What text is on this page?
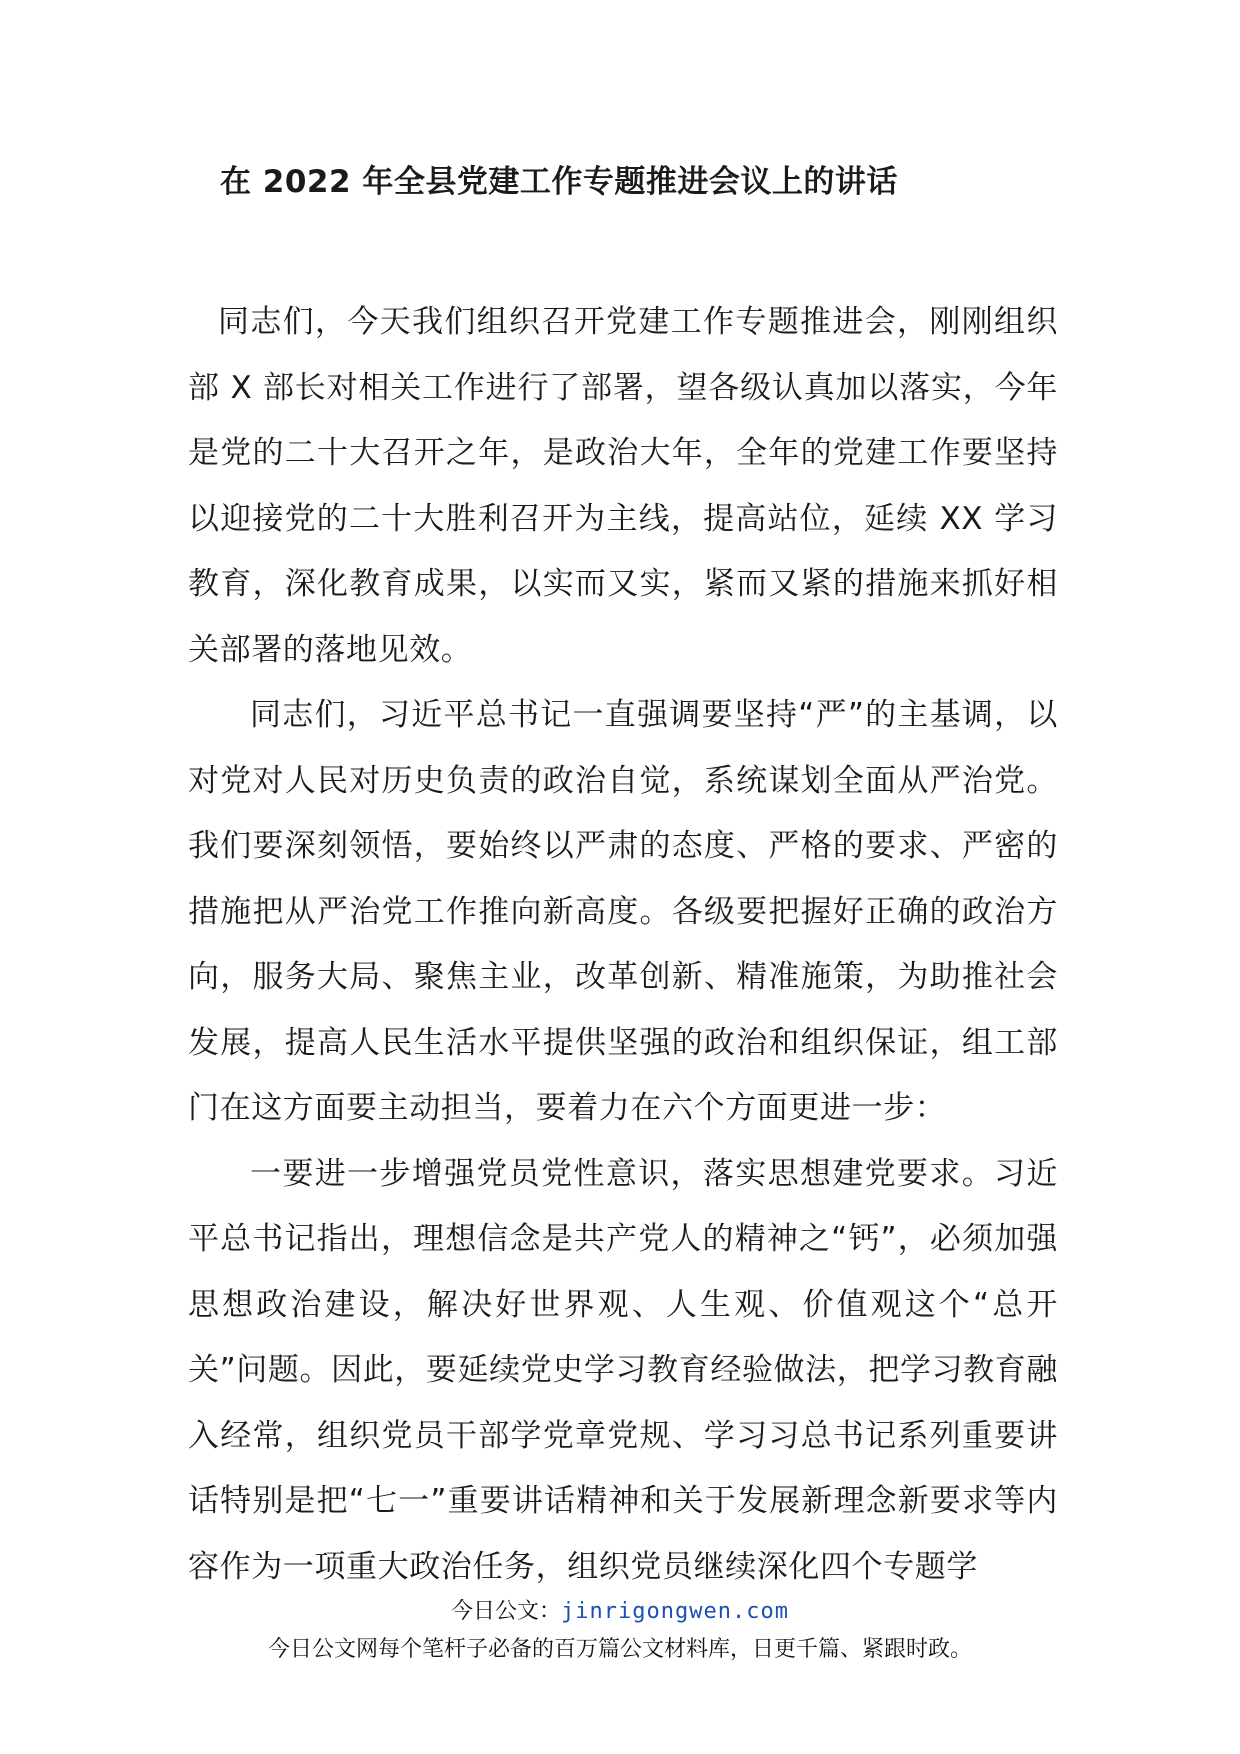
在 2022 年全县党建工作专题推进会议上的讲话

同志们，今天我们组织召开党建工作专题推进会，刚刚组织部 X 部长对相关工作进行了部署，望各级认真加以落实，今年是党的二十大召开之年，是政治大年，全年的党建工作要坚持以迎接党的二十大胜利召开为主线，提高站位，延续 XX 学习教育，深化教育成果，以实而又实，紧而又紧的措施来抓好相关部署的落地见效。

同志们，习近平总书记一直强调要坚持“严”的主基调，以对党对人民对历史负责的政治自觉，系统谋划全面从严治党。 我们要深刻领悟，要始终以严肃的态度、严格的要求、严密的措施把从严治党工作推向新高度。各级要把握好正确的政治方向，服务大局、聚焦主业，改革创新、精准施策，为助推社会发展，提高人民生活水平提供坚强的政治和组织保证，组工部门在这方面要主动担当，要着力在六个方面更进一步：

一要进一步增强党员党性意识，落实思想建党要求。习近平总书记指出，理想信念是共产党人的精神之“钙”，必须加强思想政治建设，解决好世界观、人生观、价值观这个“总开关”问题。因此，要延续党史学习教育经验做法，把学习教育融入经常，组织党员干部学党章党规、学习习总书记系列重要讲话特别是把“七一”重要讲话精神和关于发展新理念新要求等内容作为一项重大政治任务，组织党员继续深化四个专题学

今日公文：jinrigongwen.com
今日公文网每个笔杆子必备的百万篇公文材料库，日更千篇、紧跟时政。
